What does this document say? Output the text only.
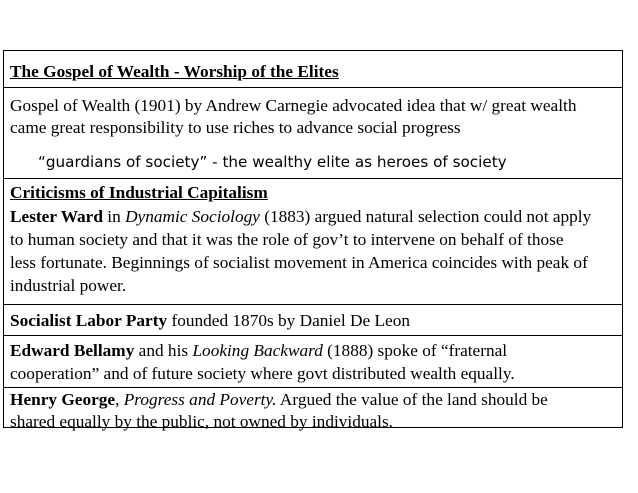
The Gospel of Wealth - Worship of the Elites
Gospel of Wealth (1901) by Andrew Carnegie advocated idea that w/ great wealth
came great responsibility to use riches to advance social progress
“guardians of society” - the wealthy elite as heroes of society
Criticisms of Industrial Capitalism
Lester Ward in Dynamic Sociology (1883) argued natural selection could not apply
to human society and that it was the role of gov’t to intervene on behalf of those
less fortunate. Beginnings of socialist movement in America coincides with peak of
industrial power.
Socialist Labor Party founded 1870s by Daniel De Leon
Edward Bellamy and his Looking Backward (1888) spoke of “fraternal
cooperation” and of future society where govt distributed wealth equally.
Henry George, Progress and Poverty. Argued the value of the land should be
shared equally by the public, not owned by individuals.
